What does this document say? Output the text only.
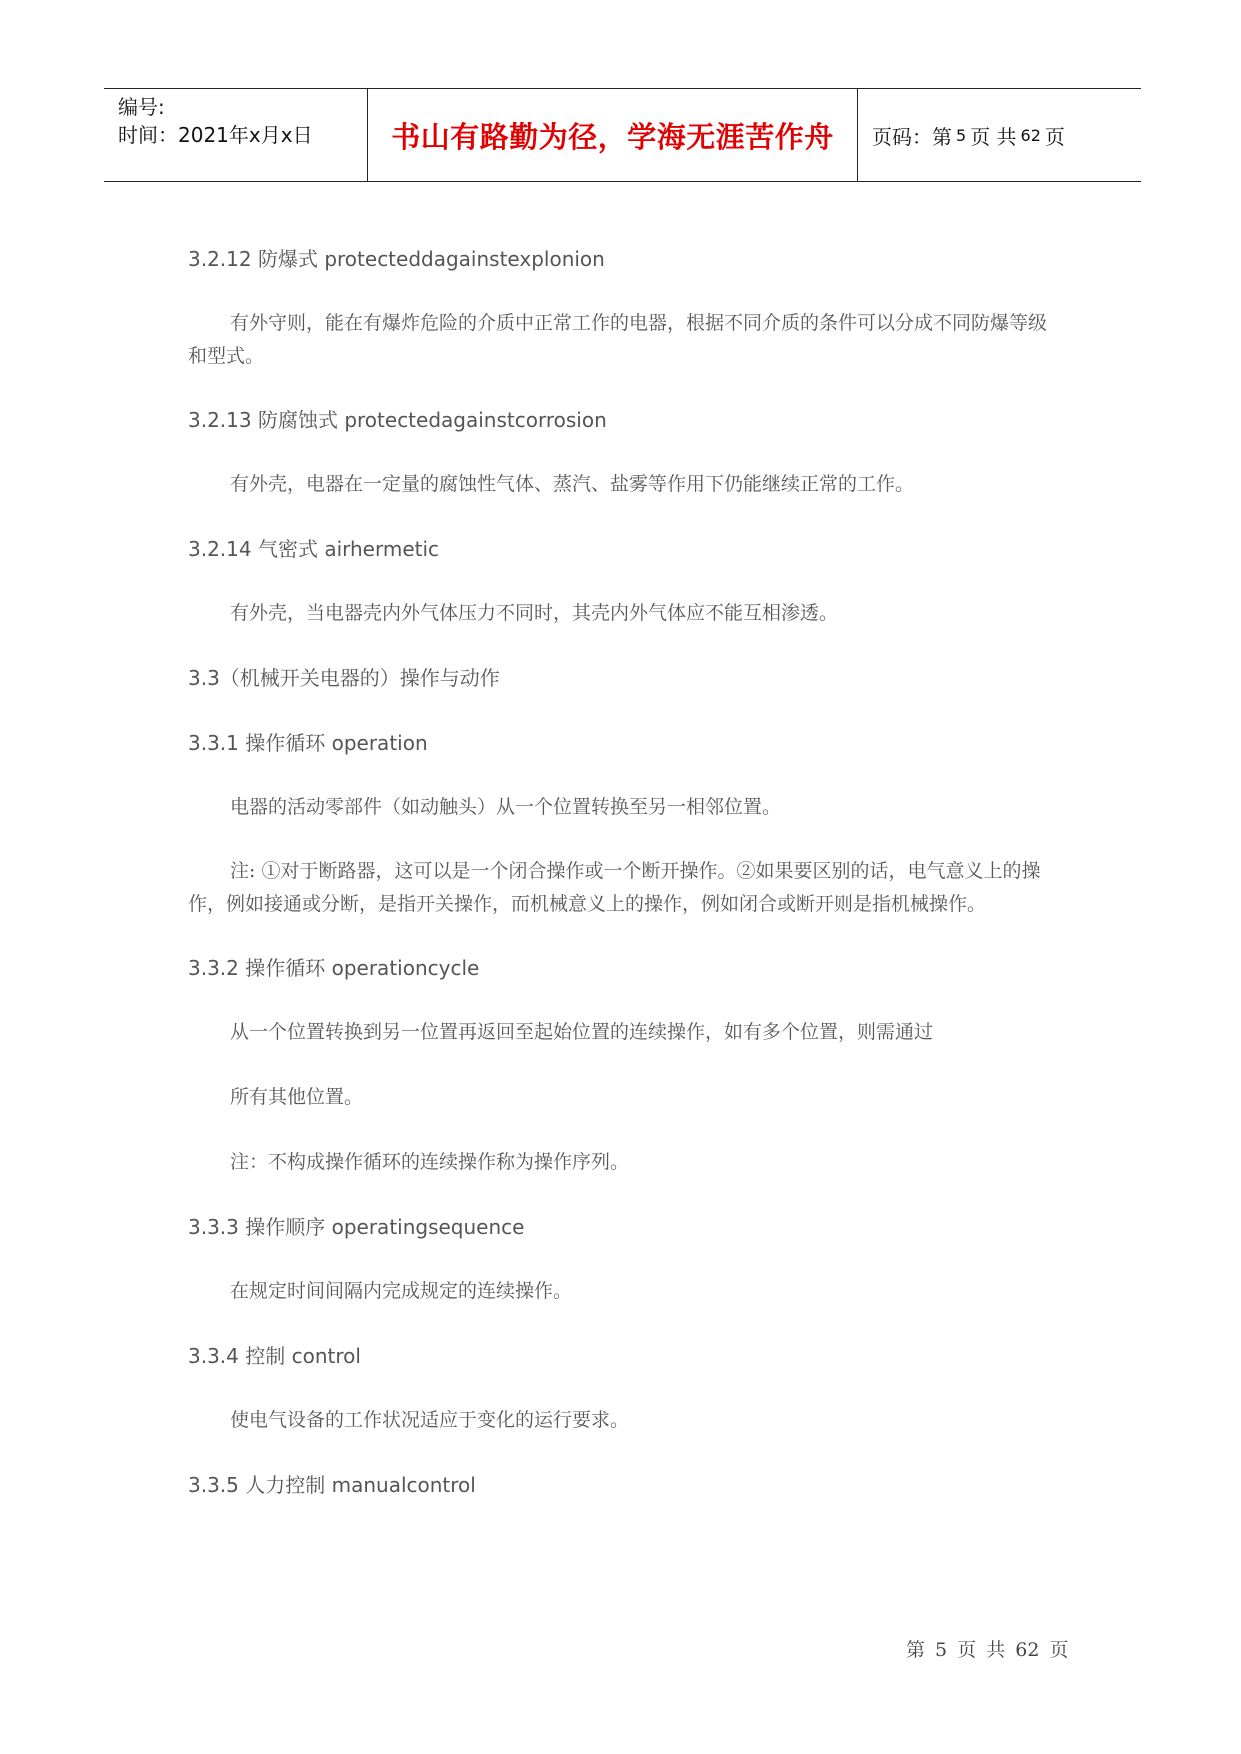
编号:
时间：2021年x月x日	书山有路勤为径，学海无涯苦作舟	页码：第 5 页 共 62 页

3.2.12 防爆式 protecteddagainstexplonion

有外守则，能在有爆炸危险的介质中正常工作的电器，根据不同介质的条件可以分成不同防爆等级和型式。

3.2.13 防腐蚀式 protectedagainstcorrosion

有外壳，电器在一定量的腐蚀性气体、蒸汽、盐雾等作用下仍能继续正常的工作。

3.2.14 气密式 airhermetic

有外壳，当电器壳内外气体压力不同时，其壳内外气体应不能互相渗透。

3.3（机械开关电器的）操作与动作

3.3.1 操作循环 operation

电器的活动零部件（如动触头）从一个位置转换至另一相邻位置。

注: ①对于断路器，这可以是一个闭合操作或一个断开操作。②如果要区别的话，电气意义上的操作，例如接通或分断，是指开关操作，而机械意义上的操作，例如闭合或断开则是指机械操作。

3.3.2 操作循环 operationcycle

从一个位置转换到另一位置再返回至起始位置的连续操作，如有多个位置，则需通过

所有其他位置。

注：不构成操作循环的连续操作称为操作序列。

3.3.3 操作顺序 operatingsequence

在规定时间间隔内完成规定的连续操作。

3.3.4 控制 control

使电气设备的工作状况适应于变化的运行要求。

3.3.5 人力控制 manualcontrol

第 5 页 共 62 页
